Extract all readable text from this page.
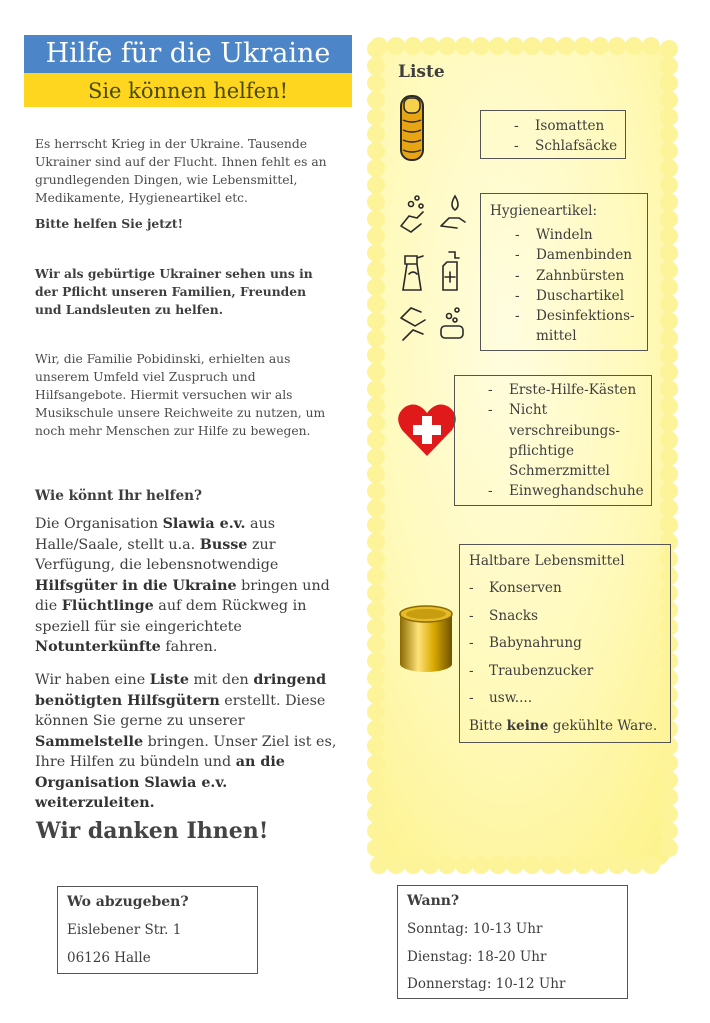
Hilfe für die Ukraine
Sie können helfen!

Es herrscht Krieg in der Ukraine. Tausende Ukrainer sind auf der Flucht. Ihnen fehlt es an grundlegenden Dingen, wie Lebensmittel, Medikamente, Hygieneartikel etc.

Bitte helfen Sie jetzt!

Wir als gebürtige Ukrainer sehen uns in der Pflicht unseren Familien, Freunden und Landsleuten zu helfen.

Wir, die Familie Pobidinski, erhielten aus unserem Umfeld viel Zuspruch und Hilfsangebote. Hiermit versuchen wir als Musikschule unsere Reichweite zu nutzen, um noch mehr Menschen zur Hilfe zu bewegen.

Wie könnt Ihr helfen?

Die Organisation Slawia e.v. aus Halle/Saale, stellt u.a. Busse zur Verfügung, die lebensnotwendige Hilfsgüter in die Ukraine bringen und die Flüchtlinge auf dem Rückweg in speziell für sie eingerichtete Notunterkünfte fahren.

Wir haben eine Liste mit den dringend benötigten Hilfsgütern erstellt. Diese können Sie gerne zu unserer Sammelstelle bringen. Unser Ziel ist es, Ihre Hilfen zu bündeln und an die Organisation Slawia e.v. weiterzuleiten.

Wir danken Ihnen!
Liste
- Isomatten
- Schlafsäcke
Hygieneartikel:
- Windeln
- Damenbinden
- Zahnbürsten
- Duschartikel
- Desinfektions-mittel
- Erste-Hilfe-Kästen
- Nicht verschreibungs-pflichtige Schmerzmittel
- Einweghandschuhe
Haltbare Lebensmittel
- Konserven
- Snacks
- Babynahrung
- Traubenzucker
- usw....
Bitte keine gekühlte Ware.
Wo abzugeben?
Eislebener Str. 1
06126 Halle
Wann?
Sonntag: 10-13 Uhr
Dienstag: 18-20 Uhr
Donnerstag: 10-12 Uhr
